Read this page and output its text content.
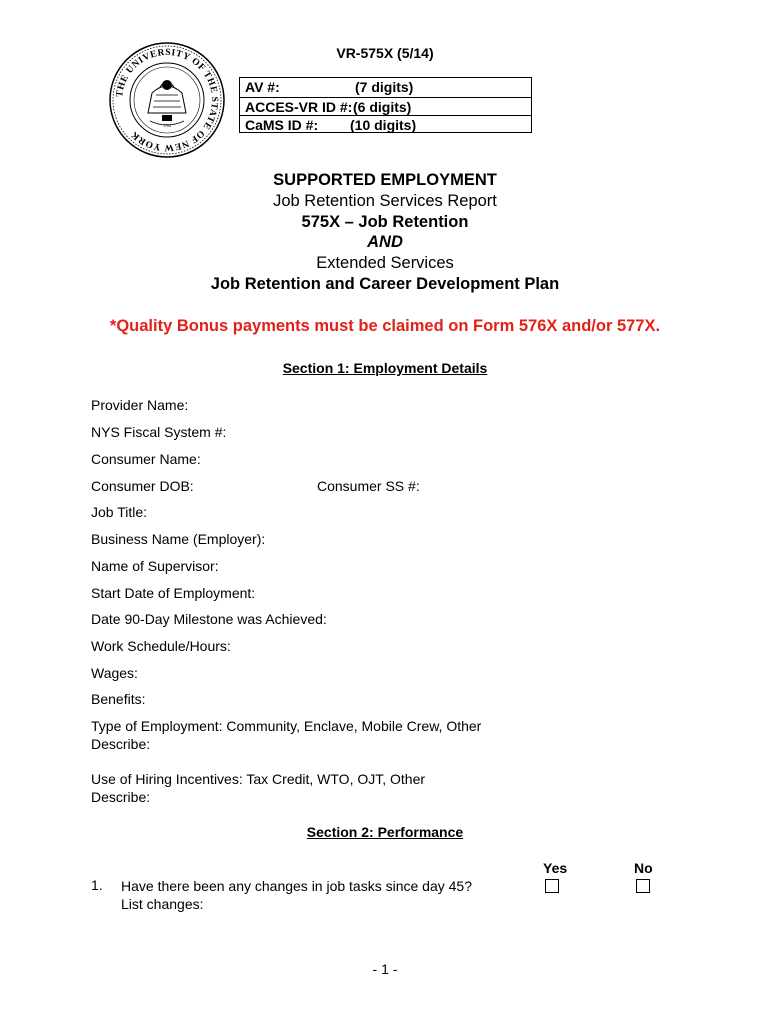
THE UNIVERSITY OF THE STATE OF NEW YORK
1784
VR-575X (5/14)
AV #:	(7 digits)
ACCES-VR ID #: (6 digits)
CaMS ID #: (10 digits)
SUPPORTED EMPLOYMENT
Job Retention Services Report
575X – Job Retention
AND
Extended Services
Job Retention and Career Development Plan
*Quality Bonus payments must be claimed on Form 576X and/or 577X.
Section 1: Employment Details
Provider Name:
NYS Fiscal System #:
Consumer Name:
Consumer DOB:	Consumer SS #:
Job Title:
Business Name (Employer):
Name of Supervisor:
Start Date of Employment:
Date 90-Day Milestone was Achieved:
Work Schedule/Hours:
Wages:
Benefits:
Type of Employment: Community, Enclave, Mobile Crew, Other
Describe:
Use of Hiring Incentives: Tax Credit, WTO, OJT, Other
Describe:
Section 2: Performance
Yes	No
1. Have there been any changes in job tasks since day 45?
List changes:
- 1 -
